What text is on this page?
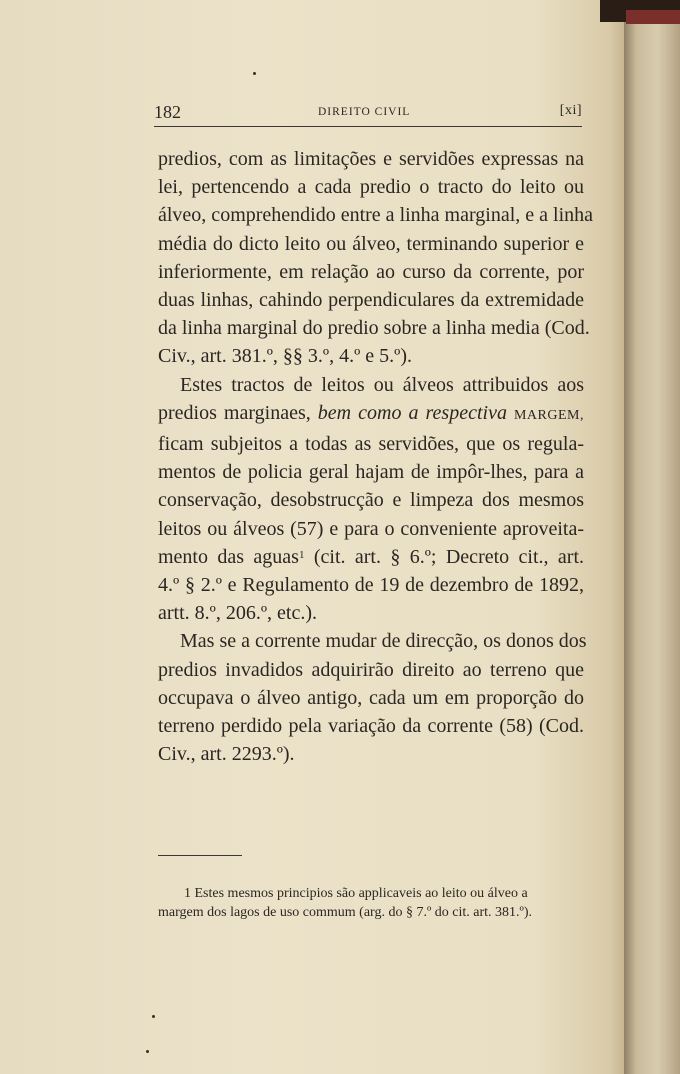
182	DIREITO CIVIL	[xi]
predios, com as limitações e servidões expressas na
lei, pertencendo a cada predio o tracto do leito ou
álveo, comprehendido entre a linha marginal, e a linha
média do dicto leito ou álveo, terminando superior e
inferiormente, em relação ao curso da corrente, por
duas linhas, cahindo perpendiculares da extremidade
da linha marginal do predio sobre a linha media (Cod.
Civ., art. 381.º, §§ 3.º, 4.º e 5.º).
Estes tractos de leitos ou álveos attribuidos aos
predios marginaes, bem como a respectiva MARGEM,
ficam subjeitos a todas as servidões, que os regula-
mentos de policia geral hajam de impôr-lhes, para a
conservação, desobstrucção e limpeza dos mesmos
leitos ou álveos (57) e para o conveniente aproveita-
mento das aguas$^1$ (cit. art. § 6.º; Decreto cit., art.
4.º § 2.º e Regulamento de 19 de dezembro de 1892,
artt. 8.º, 206.º, etc.).
Mas se a corrente mudar de direcção, os donos dos
predios invadidos adquirirão direito ao terreno que
occupava o álveo antigo, cada um em proporção do
terreno perdido pela variação da corrente (58) (Cod.
Civ., art. 2293.º).
1 Estes mesmos principios são applicaveis ao leito ou álveo a
margem dos lagos de uso commum (arg. do § 7.º do cit. art. 381.º).
